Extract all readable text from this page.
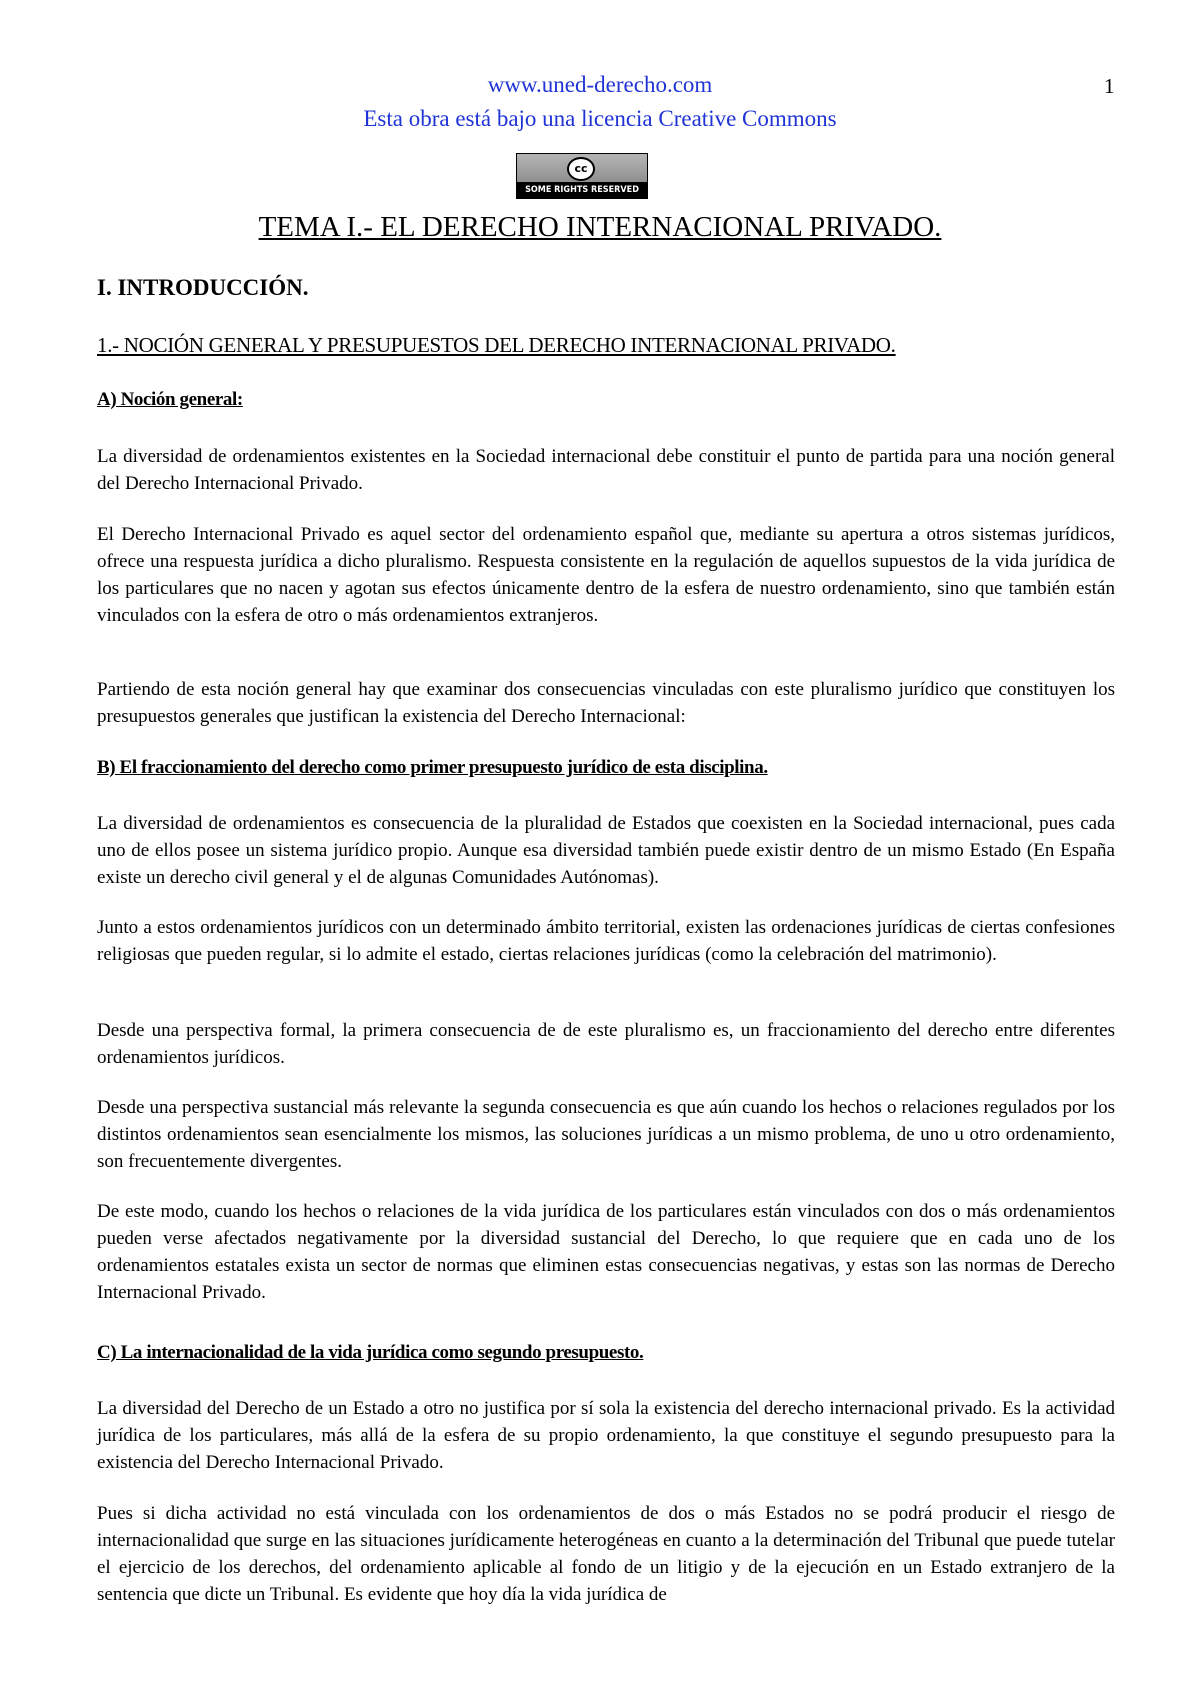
1
www.uned-derecho.com
Esta obra está bajo una licencia Creative Commons
cc
SOME RIGHTS RESERVED
TEMA I.- EL DERECHO INTERNACIONAL PRIVADO.
I. INTRODUCCIÓN.
1.- NOCIÓN GENERAL Y PRESUPUESTOS DEL DERECHO INTERNACIONAL PRIVADO.
A) Noción general:

La diversidad de ordenamientos existentes en la Sociedad internacional debe constituir el punto de partida para una noción general del Derecho Internacional Privado.

El Derecho Internacional Privado es aquel sector del ordenamiento español que, mediante su apertura a otros sistemas jurídicos, ofrece una respuesta jurídica a dicho pluralismo. Respuesta consistente en la regulación de aquellos supuestos de la vida jurídica de los particulares que no nacen y agotan sus efectos únicamente dentro de la esfera de nuestro ordenamiento, sino que también están vinculados con la esfera de otro o más ordenamientos extranjeros.

Partiendo de esta noción general hay que examinar dos consecuencias vinculadas con este pluralismo jurídico que constituyen los presupuestos generales que justifican la existencia del Derecho Internacional:

B) El fraccionamiento del derecho como primer presupuesto jurídico de esta disciplina.

La diversidad de ordenamientos es consecuencia de la pluralidad de Estados que coexisten en la Sociedad internacional, pues cada uno de ellos posee un sistema jurídico propio. Aunque esa diversidad también puede existir dentro de un mismo Estado (En España existe un derecho civil general y el de algunas Comunidades Autónomas).

Junto a estos ordenamientos jurídicos con un determinado ámbito territorial, existen las ordenaciones jurídicas de ciertas confesiones religiosas que pueden regular, si lo admite el estado, ciertas relaciones jurídicas (como la celebración del matrimonio).

Desde una perspectiva formal, la primera consecuencia de de este pluralismo es, un fraccionamiento del derecho entre diferentes ordenamientos jurídicos.

Desde una perspectiva sustancial más relevante la segunda consecuencia es que aún cuando los hechos o relaciones regulados por los distintos ordenamientos sean esencialmente los mismos, las soluciones jurídicas a un mismo problema, de uno u otro ordenamiento, son frecuentemente divergentes.

De este modo, cuando los hechos o relaciones de la vida jurídica de los particulares están vinculados con dos o más ordenamientos pueden verse afectados negativamente por la diversidad sustancial del Derecho, lo que requiere que en cada uno de los ordenamientos estatales exista un sector de normas que eliminen estas consecuencias negativas, y estas son las normas de Derecho Internacional Privado.

C) La internacionalidad de la vida jurídica como segundo presupuesto.

La diversidad del Derecho de un Estado a otro no justifica por sí sola la existencia del derecho internacional privado. Es la actividad jurídica de los particulares, más allá de la esfera de su propio ordenamiento, la que constituye el segundo presupuesto para la existencia del Derecho Internacional Privado.

Pues si dicha actividad no está vinculada con los ordenamientos de dos o más Estados no se podrá producir el riesgo de internacionalidad que surge en las situaciones jurídicamente heterogéneas en cuanto a la determinación del Tribunal que puede tutelar el ejercicio de los derechos, del ordenamiento aplicable al fondo de un litigio y de la ejecución en un Estado extranjero de la sentencia que dicte un Tribunal. Es evidente que hoy día la vida jurídica de
